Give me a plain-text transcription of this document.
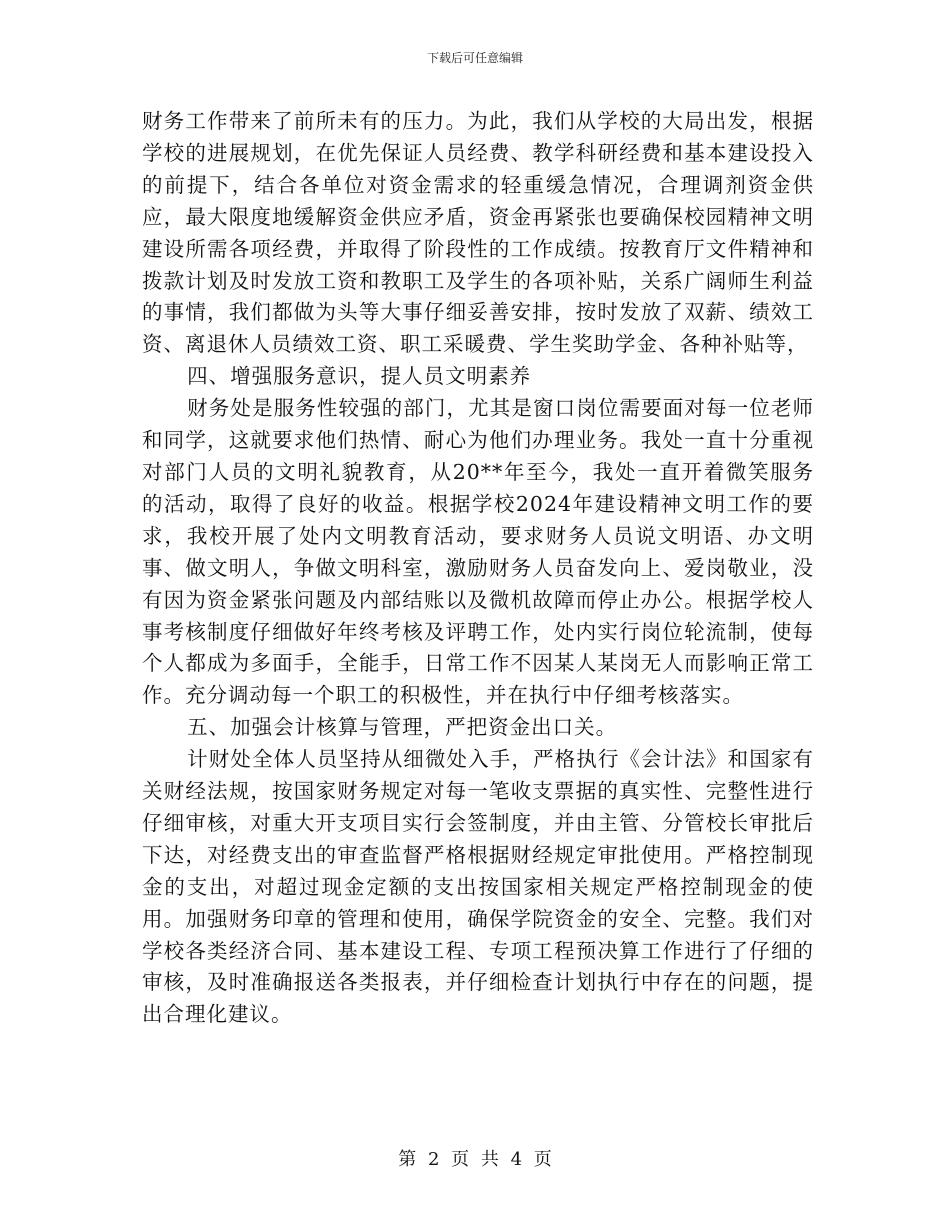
下载后可任意编辑

财务工作带来了前所未有的压力。为此，我们从学校的大局出发，根据学校的进展规划，在优先保证人员经费、教学科研经费和基本建设投入的前提下，结合各单位对资金需求的轻重缓急情况，合理调剂资金供应，最大限度地缓解资金供应矛盾，资金再紧张也要确保校园精神文明建设所需各项经费，并取得了阶段性的工作成绩。按教育厅文件精神和拨款计划及时发放工资和教职工及学生的各项补贴，关系广阔师生利益的事情，我们都做为头等大事仔细妥善安排，按时发放了双薪、绩效工资、离退休人员绩效工资、职工采暖费、学生奖助学金、各种补贴等，

四、增强服务意识，提人员文明素养

财务处是服务性较强的部门，尤其是窗口岗位需要面对每一位老师和同学，这就要求他们热情、耐心为他们办理业务。我处一直十分重视对部门人员的文明礼貌教育，从20**年至今，我处一直开着微笑服务的活动，取得了良好的收益。根据学校2024年建设精神文明工作的要求，我校开展了处内文明教育活动，要求财务人员说文明语、办文明事、做文明人，争做文明科室，激励财务人员奋发向上、爱岗敬业，没有因为资金紧张问题及内部结账以及微机故障而停止办公。根据学校人事考核制度仔细做好年终考核及评聘工作，处内实行岗位轮流制，使每个人都成为多面手，全能手，日常工作不因某人某岗无人而影响正常工作。充分调动每一个职工的积极性，并在执行中仔细考核落实。

五、加强会计核算与管理，严把资金出口关。

计财处全体人员坚持从细微处入手，严格执行《会计法》和国家有关财经法规，按国家财务规定对每一笔收支票据的真实性、完整性进行仔细审核，对重大开支项目实行会签制度，并由主管、分管校长审批后下达，对经费支出的审查监督严格根据财经规定审批使用。严格控制现金的支出，对超过现金定额的支出按国家相关规定严格控制现金的使用。加强财务印章的管理和使用，确保学院资金的安全、完整。我们对学校各类经济合同、基本建设工程、专项工程预决算工作进行了仔细的审核，及时准确报送各类报表，并仔细检查计划执行中存在的问题，提出合理化建议。

第 2 页 共 4 页
